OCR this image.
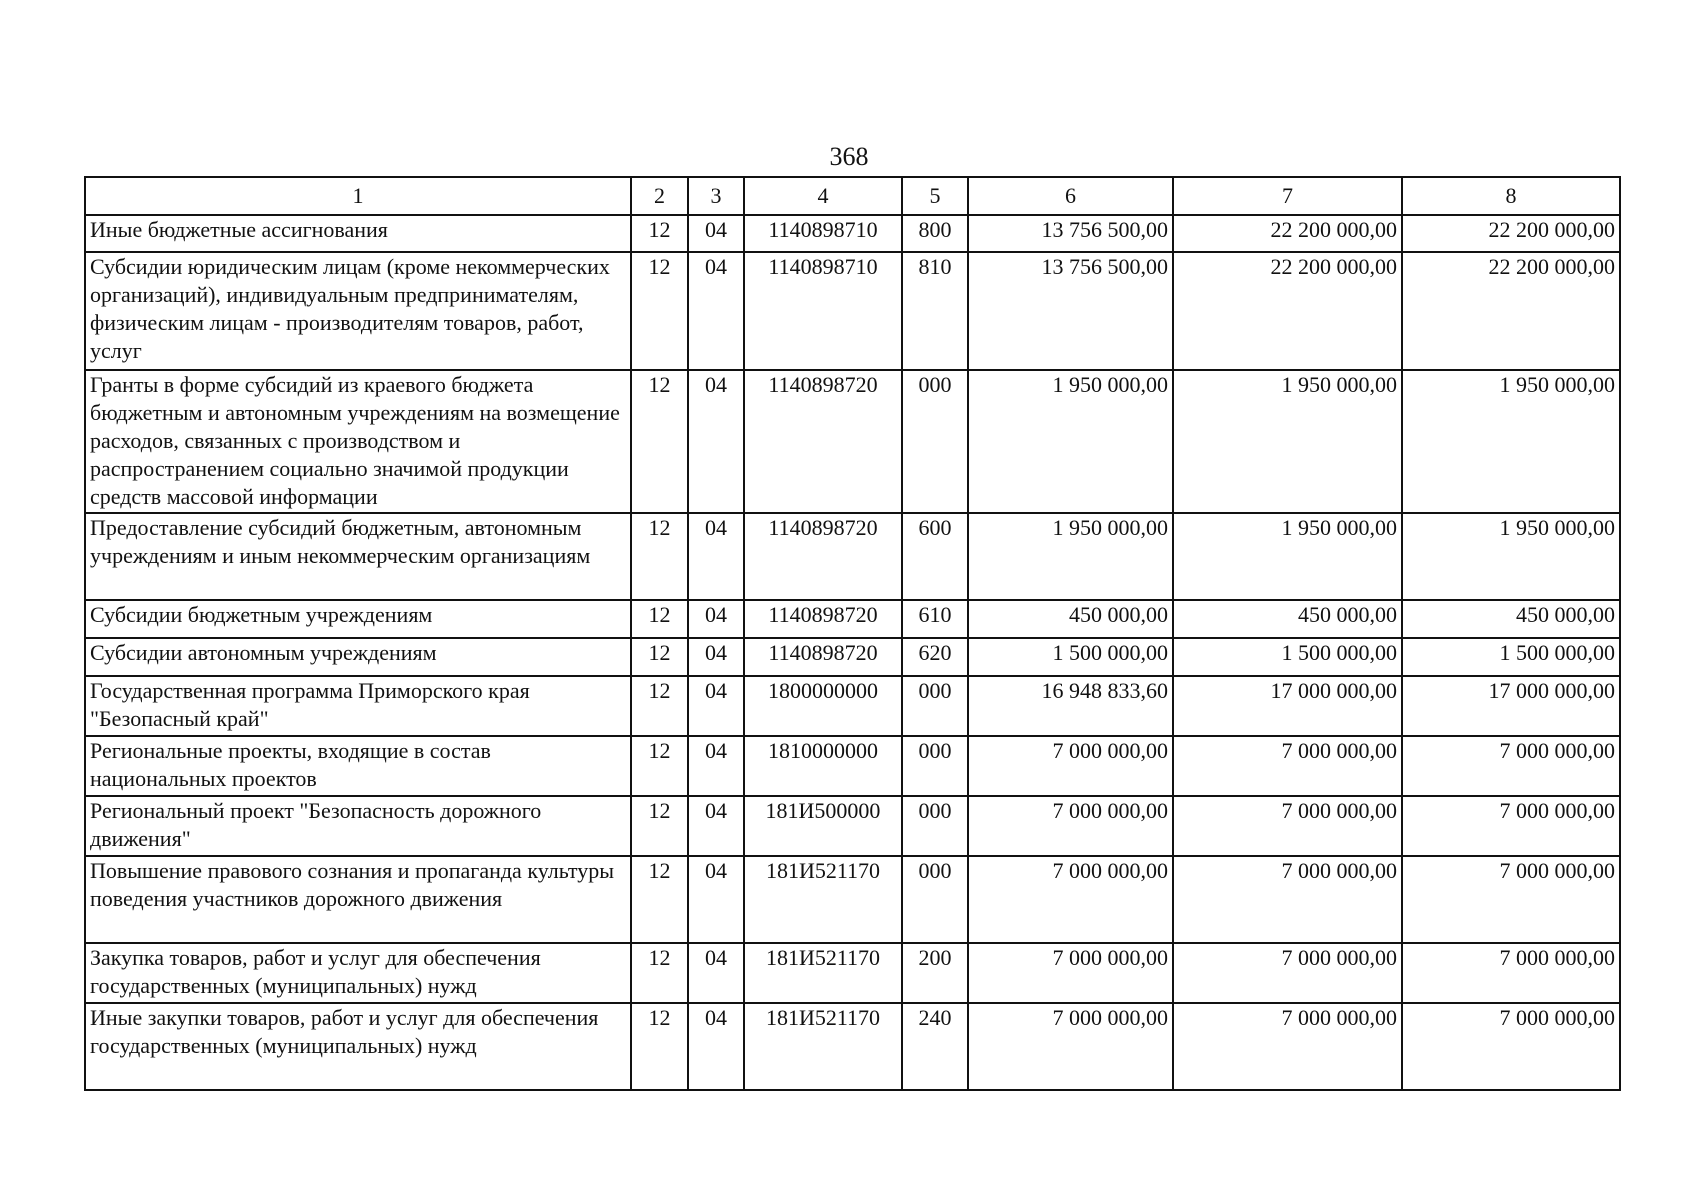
368
1	2	3	4	5	6	7	8
Иные бюджетные ассигнования	12	04	1140898710	800	13 756 500,00	22 200 000,00	22 200 000,00
Субсидии юридическим лицам (кроме некоммерческих организаций), индивидуальным предпринимателям, физическим лицам - производителям товаров, работ, услуг	12	04	1140898710	810	13 756 500,00	22 200 000,00	22 200 000,00
Гранты в форме субсидий из краевого бюджета бюджетным и автономным учреждениям на возмещение расходов, связанных с производством и распространением социально значимой продукции средств массовой информации	12	04	1140898720	000	1 950 000,00	1 950 000,00	1 950 000,00
Предоставление субсидий бюджетным, автономным учреждениям и иным некоммерческим организациям	12	04	1140898720	600	1 950 000,00	1 950 000,00	1 950 000,00
Субсидии бюджетным учреждениям	12	04	1140898720	610	450 000,00	450 000,00	450 000,00
Субсидии автономным учреждениям	12	04	1140898720	620	1 500 000,00	1 500 000,00	1 500 000,00
Государственная программа Приморского края "Безопасный край"	12	04	1800000000	000	16 948 833,60	17 000 000,00	17 000 000,00
Региональные проекты, входящие в состав национальных проектов	12	04	1810000000	000	7 000 000,00	7 000 000,00	7 000 000,00
Региональный проект "Безопасность дорожного движения"	12	04	181И500000	000	7 000 000,00	7 000 000,00	7 000 000,00
Повышение правового сознания и пропаганда культуры поведения участников дорожного движения	12	04	181И521170	000	7 000 000,00	7 000 000,00	7 000 000,00
Закупка товаров, работ и услуг для обеспечения государственных (муниципальных) нужд	12	04	181И521170	200	7 000 000,00	7 000 000,00	7 000 000,00
Иные закупки товаров, работ и услуг для обеспечения государственных (муниципальных) нужд	12	04	181И521170	240	7 000 000,00	7 000 000,00	7 000 000,00
